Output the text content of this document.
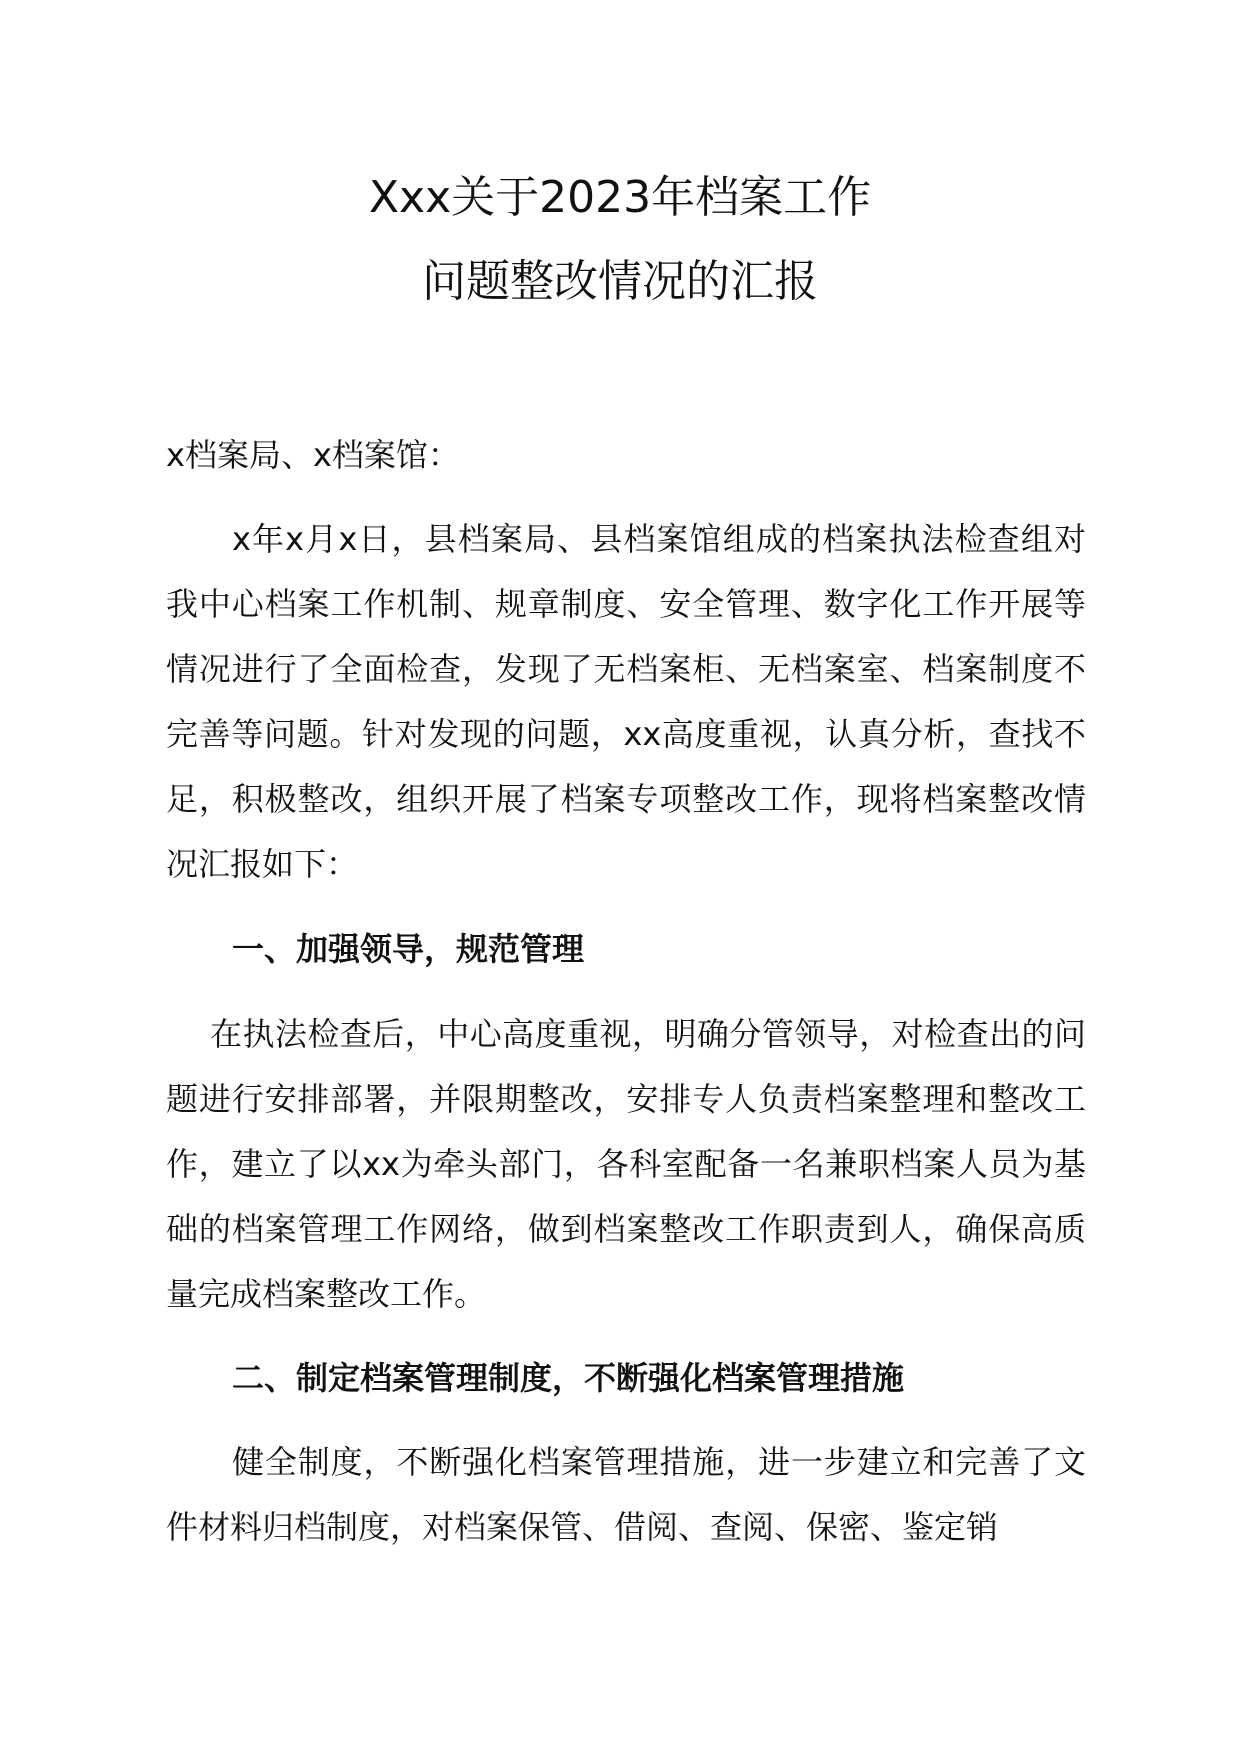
Xxx关于2023年档案工作
问题整改情况的汇报
x档案局、x档案馆：
x年x月x日，县档案局、县档案馆组成的档案执法检查组对我中心档案工作机制、规章制度、安全管理、数字化工作开展等情况进行了全面检查，发现了无档案柜、无档案室、档案制度不完善等问题。针对发现的问题，xx高度重视，认真分析，查找不足，积极整改，组织开展了档案专项整改工作，现将档案整改情况汇报如下：
一、加强领导，规范管理
在执法检查后，中心高度重视，明确分管领导，对检查出的问题进行安排部署，并限期整改，安排专人负责档案整理和整改工作，建立了以xx为牵头部门，各科室配备一名兼职档案人员为基础的档案管理工作网络，做到档案整改工作职责到人，确保高质量完成档案整改工作。
二、制定档案管理制度，不断强化档案管理措施
健全制度，不断强化档案管理措施，进一步建立和完善了文件材料归档制度，对档案保管、借阅、查阅、保密、鉴定销
